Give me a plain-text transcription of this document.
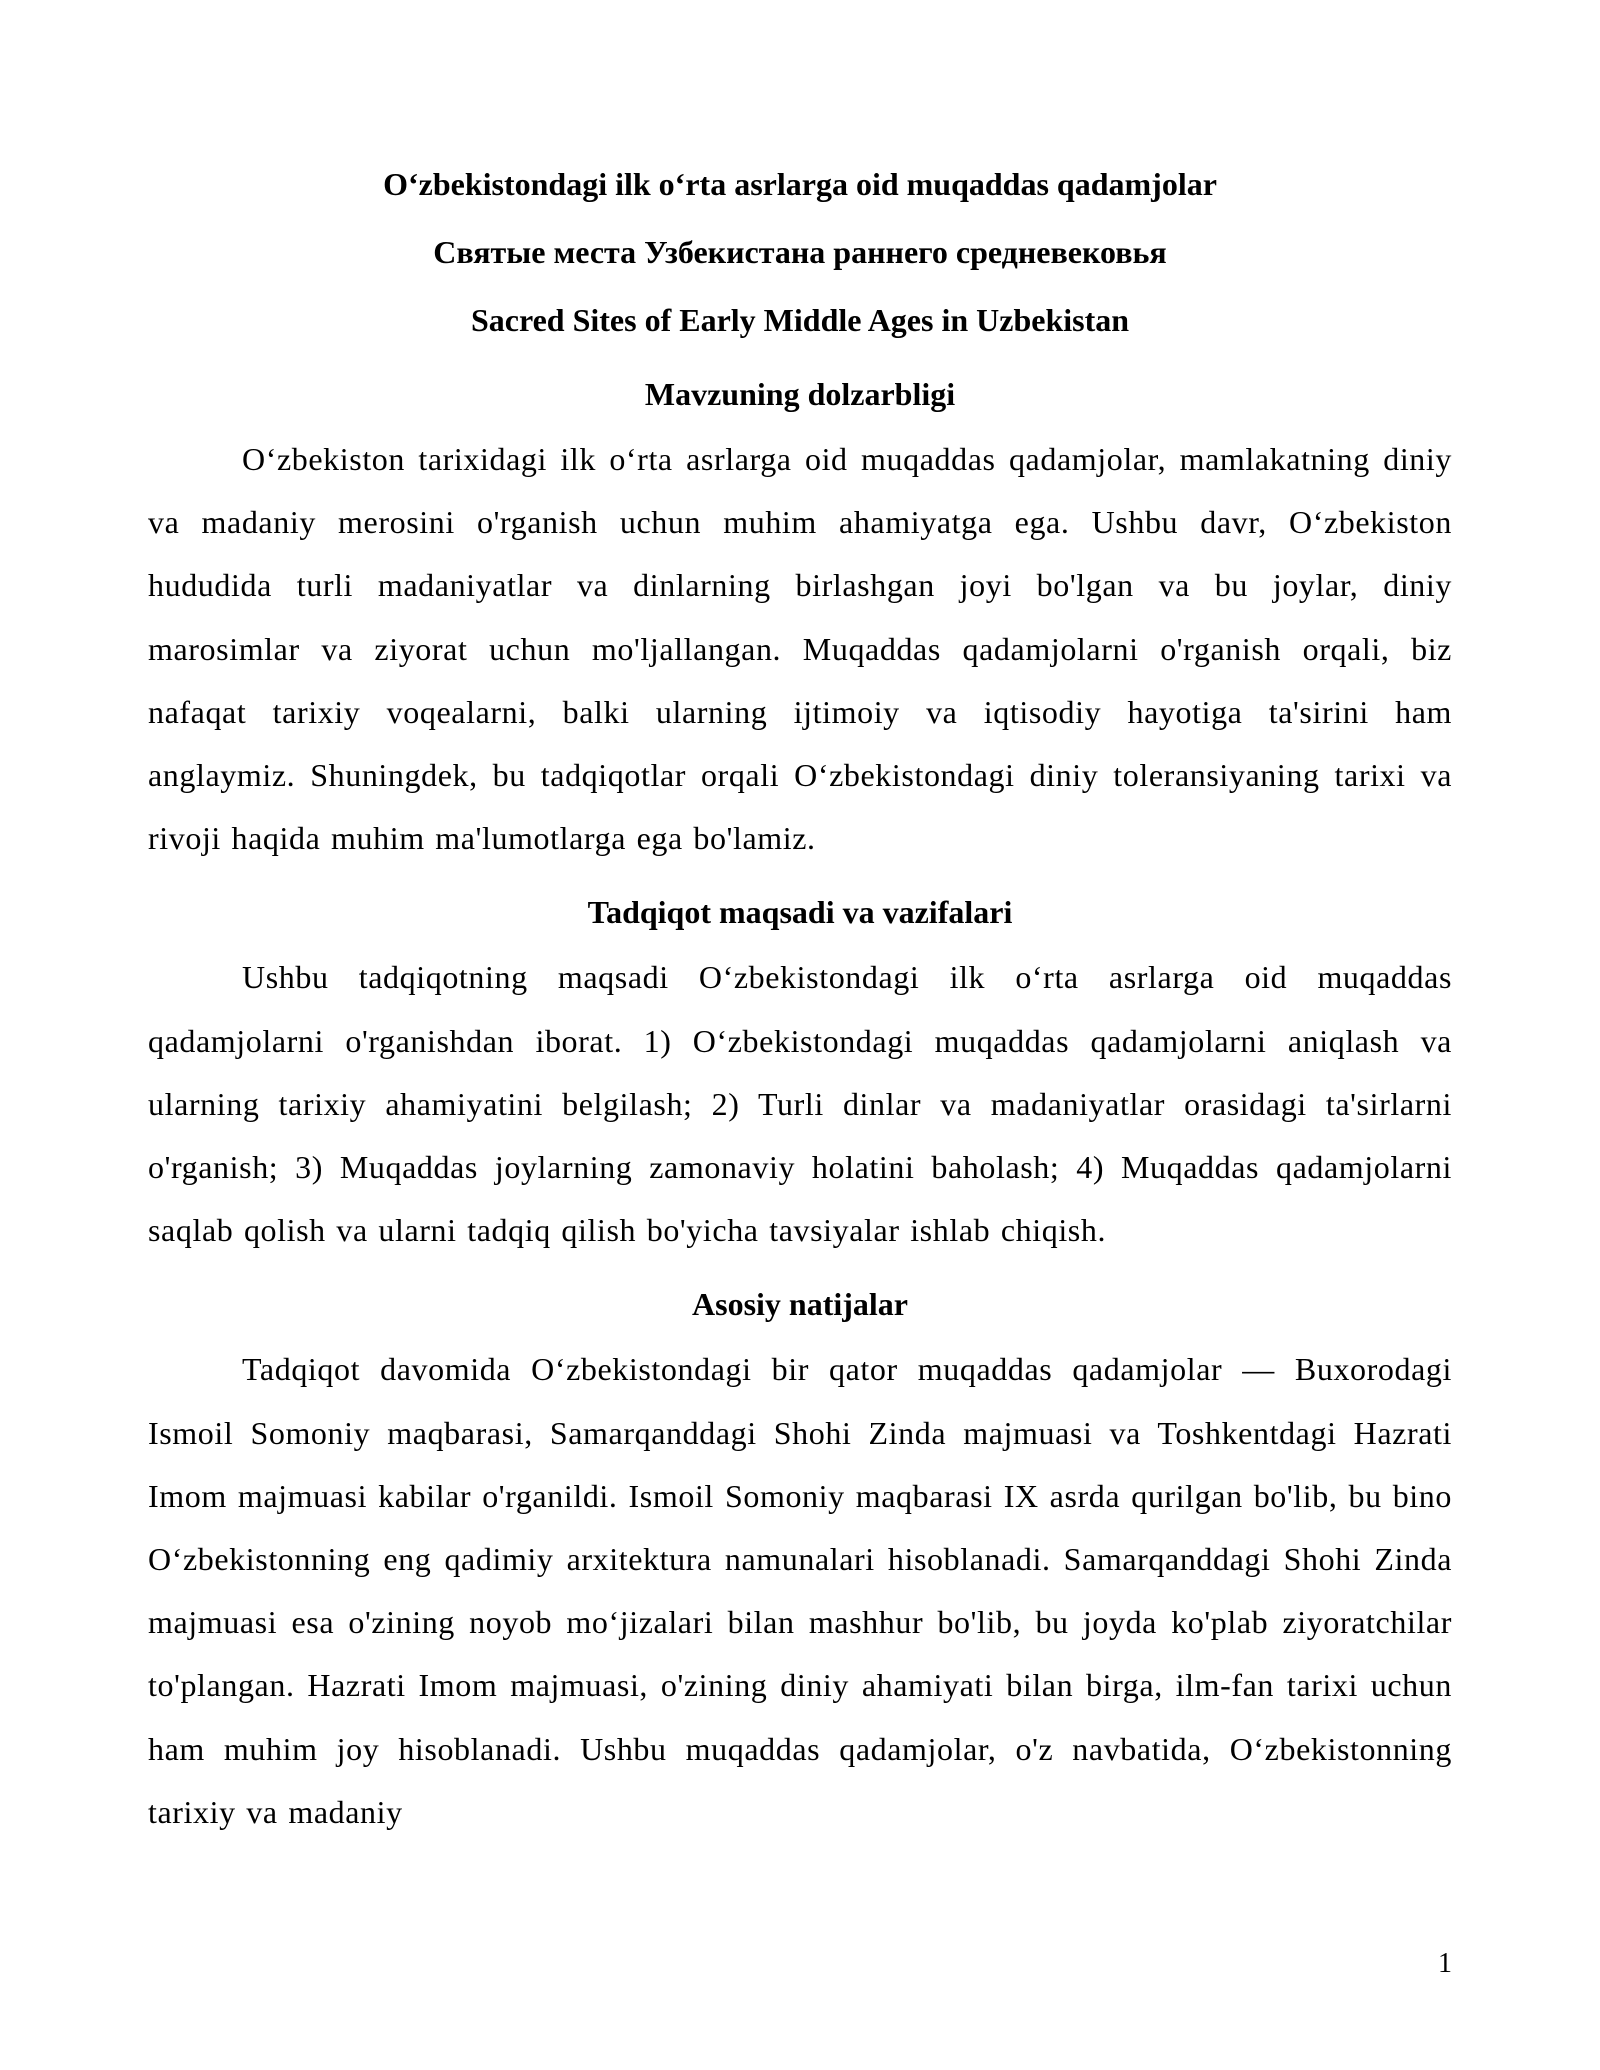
O‘zbekistondagi ilk o‘rta asrlarga oid muqaddas qadamjolar
Святые места Узбекистана раннего средневековья
Sacred Sites of Early Middle Ages in Uzbekistan
Mavzuning dolzarbligi

O‘zbekiston tarixidagi ilk o‘rta asrlarga oid muqaddas qadamjolar, mamlakatning diniy va madaniy merosini o'rganish uchun muhim ahamiyatga ega. Ushbu davr, O‘zbekiston hududida turli madaniyatlar va dinlarning birlashgan joyi bo'lgan va bu joylar, diniy marosimlar va ziyorat uchun mo'ljallangan. Muqaddas qadamjolarni o'rganish orqali, biz nafaqat tarixiy voqealarni, balki ularning ijtimoiy va iqtisodiy hayotiga ta'sirini ham anglaymiz. Shuningdek, bu tadqiqotlar orqali O‘zbekistondagi diniy toleransiyaning tarixi va rivoji haqida muhim ma'lumotlarga ega bo'lamiz.

Tadqiqot maqsadi va vazifalari

Ushbu tadqiqotning maqsadi O‘zbekistondagi ilk o‘rta asrlarga oid muqaddas qadamjolarni o'rganishdan iborat. 1) O‘zbekistondagi muqaddas qadamjolarni aniqlash va ularning tarixiy ahamiyatini belgilash; 2) Turli dinlar va madaniyatlar orasidagi ta'sirlarni o'rganish; 3) Muqaddas joylarning zamonaviy holatini baholash; 4) Muqaddas qadamjolarni saqlab qolish va ularni tadqiq qilish bo'yicha tavsiyalar ishlab chiqish.

Asosiy natijalar

Tadqiqot davomida O‘zbekistondagi bir qator muqaddas qadamjolar — Buxorodagi Ismoil Somoniy maqbarasi, Samarqanddagi Shohi Zinda majmuasi va Toshkentdagi Hazrati Imom majmuasi kabilar o'rganildi. Ismoil Somoniy maqbarasi IX asrda qurilgan bo'lib, bu bino O‘zbekistonning eng qadimiy arxitektura namunalari hisoblanadi. Samarqanddagi Shohi Zinda majmuasi esa o'zining noyob mo‘jizalari bilan mashhur bo'lib, bu joyda ko'plab ziyoratchilar to'plangan. Hazrati Imom majmuasi, o'zining diniy ahamiyati bilan birga, ilm-fan tarixi uchun ham muhim joy hisoblanadi. Ushbu muqaddas qadamjolar, o'z navbatida, O‘zbekistonning tarixiy va madaniy

1
